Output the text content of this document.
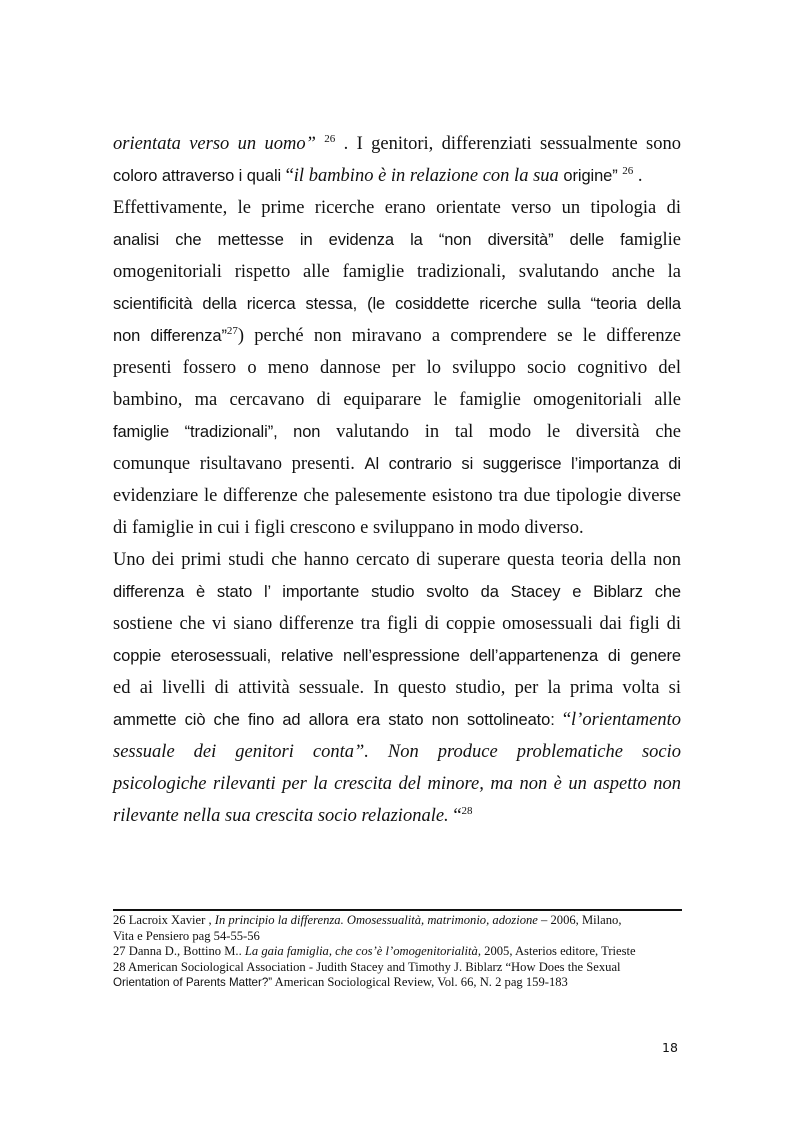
orientata verso un uomo” $^{26}$ . I genitori, differenziati sessualmente sono
coloro attraverso i quali “il bambino è in relazione con la sua origine” $^{26}$ .
Effettivamente, le prime ricerche erano orientate verso un tipologia di
analisi che mettesse in evidenza la “non diversità” delle famiglie
omogenitoriali rispetto alle famiglie tradizionali, svalutando anche la
scientificità della ricerca stessa, (le cosiddette ricerche sulla “teoria della
non differenza”$^{27}$) perché non miravano a comprendere se le differenze
presenti fossero o meno dannose per lo sviluppo socio cognitivo del
bambino, ma cercavano di equiparare le famiglie omogenitoriali alle
famiglie “tradizionali”, non valutando in tal modo le diversità che
comunque risultavano presenti. Al contrario si suggerisce l’importanza di
evidenziare le differenze che palesemente esistono tra due tipologie diverse
di famiglie in cui i figli crescono e sviluppano in modo diverso.
Uno dei primi studi che hanno cercato di superare questa teoria della non
differenza è stato l’ importante studio svolto da Stacey e Biblarz che
sostiene che vi siano differenze tra figli di coppie omosessuali dai figli di
coppie eterosessuali, relative nell’espressione dell’appartenenza di genere
ed ai livelli di attività sessuale. In questo studio, per la prima volta si
ammette ciò che fino ad allora era stato non sottolineato: “l’orientamento
sessuale dei genitori conta”. Non produce problematiche socio
psicologiche rilevanti per la crescita del minore, ma non è un aspetto non
rilevante nella sua crescita socio relazionale. “$^{28}$
26 Lacroix Xavier , In principio la differenza. Omosessualità, matrimonio, adozione – 2006, Milano,
Vita e Pensiero pag 54-55-56
27 Danna D., Bottino M.. La gaia famiglia, che cos’è l’omogenitorialità, 2005, Asterios editore, Trieste
28 American Sociological Association - Judith Stacey and Timothy J. Biblarz “How Does the Sexual
Orientation of Parents Matter?” American Sociological Review, Vol. 66, N. 2 pag 159-183
18
